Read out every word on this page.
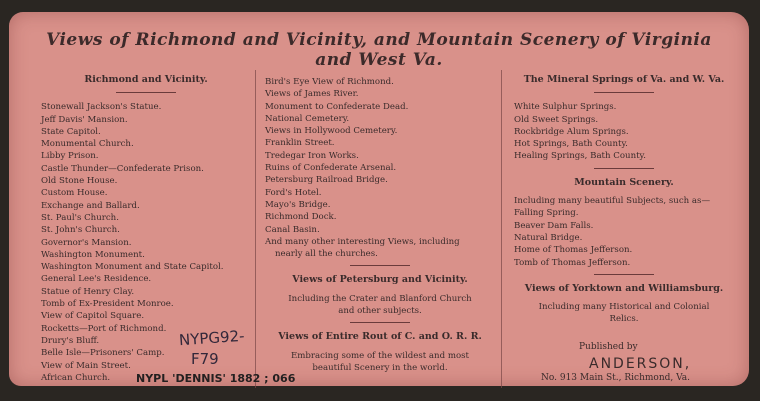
Views of Richmond and Vicinity, and Mountain Scenery of Virginia and West Va.
Richmond and Vicinity.
Stonewall Jackson's Statue.
Jeff Davis' Mansion.
State Capitol.
Monumental Church.
Libby Prison.
Castle Thunder—Confederate Prison.
Old Stone House.
Custom House.
Exchange and Ballard.
St. Paul's Church.
St. John's Church.
Governor's Mansion.
Washington Monument.
Washington Monument and State Capitol.
General Lee's Residence.
Statue of Henry Clay.
Tomb of Ex-President Monroe.
View of Capitol Square.
Rocketts—Port of Richmond.
Drury's Bluff.
Belle Isle—Prisoners' Camp.
View of Main Street.
African Church.
Bird's Eye View of Richmond.
Views of James River.
Monument to Confederate Dead.
National Cemetery.
Views in Hollywood Cemetery.
Franklin Street.
Tredegar Iron Works.
Ruins of Confederate Arsenal.
Petersburg Railroad Bridge.
Ford's Hotel.
Mayo's Bridge.
Richmond Dock.
Canal Basin.
And many other interesting Views, including
nearly all the churches.
Views of Petersburg and Vicinity.
Including the Crater and Blanford Church
and other subjects.
Views of Entire Rout of C. and O. R. R.
Embracing some of the wildest and most
beautiful Scenery in the world.
The Mineral Springs of Va. and W. Va.
White Sulphur Springs.
Old Sweet Springs.
Rockbridge Alum Springs.
Hot Springs, Bath County.
Healing Springs, Bath County.
Mountain Scenery.
Including many beautiful Subjects, such as—
Falling Spring.
Beaver Dam Falls.
Natural Bridge.
Home of Thomas Jefferson.
Tomb of Thomas Jefferson.
Views of Yorktown and Williamsburg.
Including many Historical and Colonial
Relics.
Published by
ANDERSON,
No. 913 Main St., Richmond, Va.
NYPG92-
F79
NYPL 'DENNIS' 1882 ; 066
